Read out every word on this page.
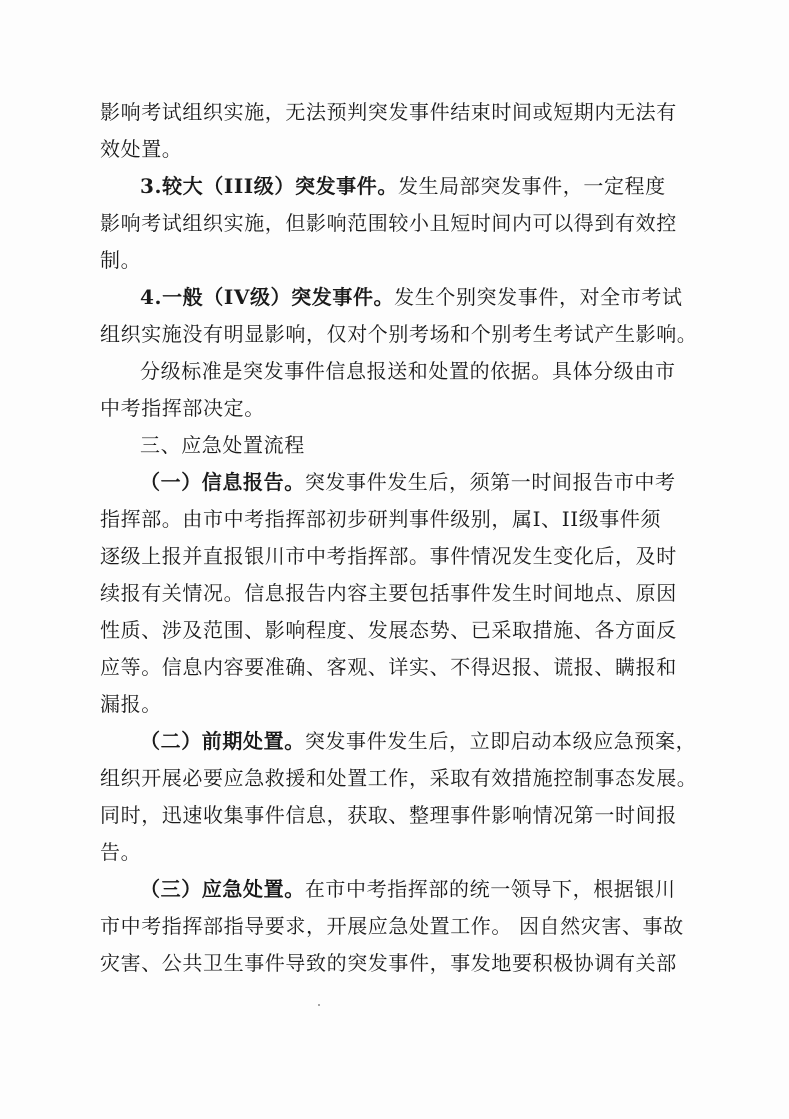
影响考试组织实施，无法预判突发事件结束时间或短期内无法有
效处置。
3.较大（III级）突发事件。发生局部突发事件，一定程度
影响考试组织实施，但影响范围较小且短时间内可以得到有效控
制。
4.一般（IV级）突发事件。发生个别突发事件，对全市考试
组织实施没有明显影响，仅对个别考场和个别考生考试产生影响。
分级标准是突发事件信息报送和处置的依据。具体分级由市
中考指挥部决定。
三、应急处置流程
（一）信息报告。突发事件发生后，须第一时间报告市中考
指挥部。由市中考指挥部初步研判事件级别，属I、II级事件须
逐级上报并直报银川市中考指挥部。事件情况发生变化后，及时
续报有关情况。信息报告内容主要包括事件发生时间地点、原因
性质、涉及范围、影响程度、发展态势、已采取措施、各方面反
应等。信息内容要准确、客观、详实、不得迟报、谎报、瞒报和
漏报。
（二）前期处置。突发事件发生后，立即启动本级应急预案，
组织开展必要应急救援和处置工作，采取有效措施控制事态发展。
同时，迅速收集事件信息，获取、整理事件影响情况第一时间报
告。
（三）应急处置。在市中考指挥部的统一领导下，根据银川
市中考指挥部指导要求，开展应急处置工作。 因自然灾害、事故
灾害、公共卫生事件导致的突发事件，事发地要积极协调有关部
